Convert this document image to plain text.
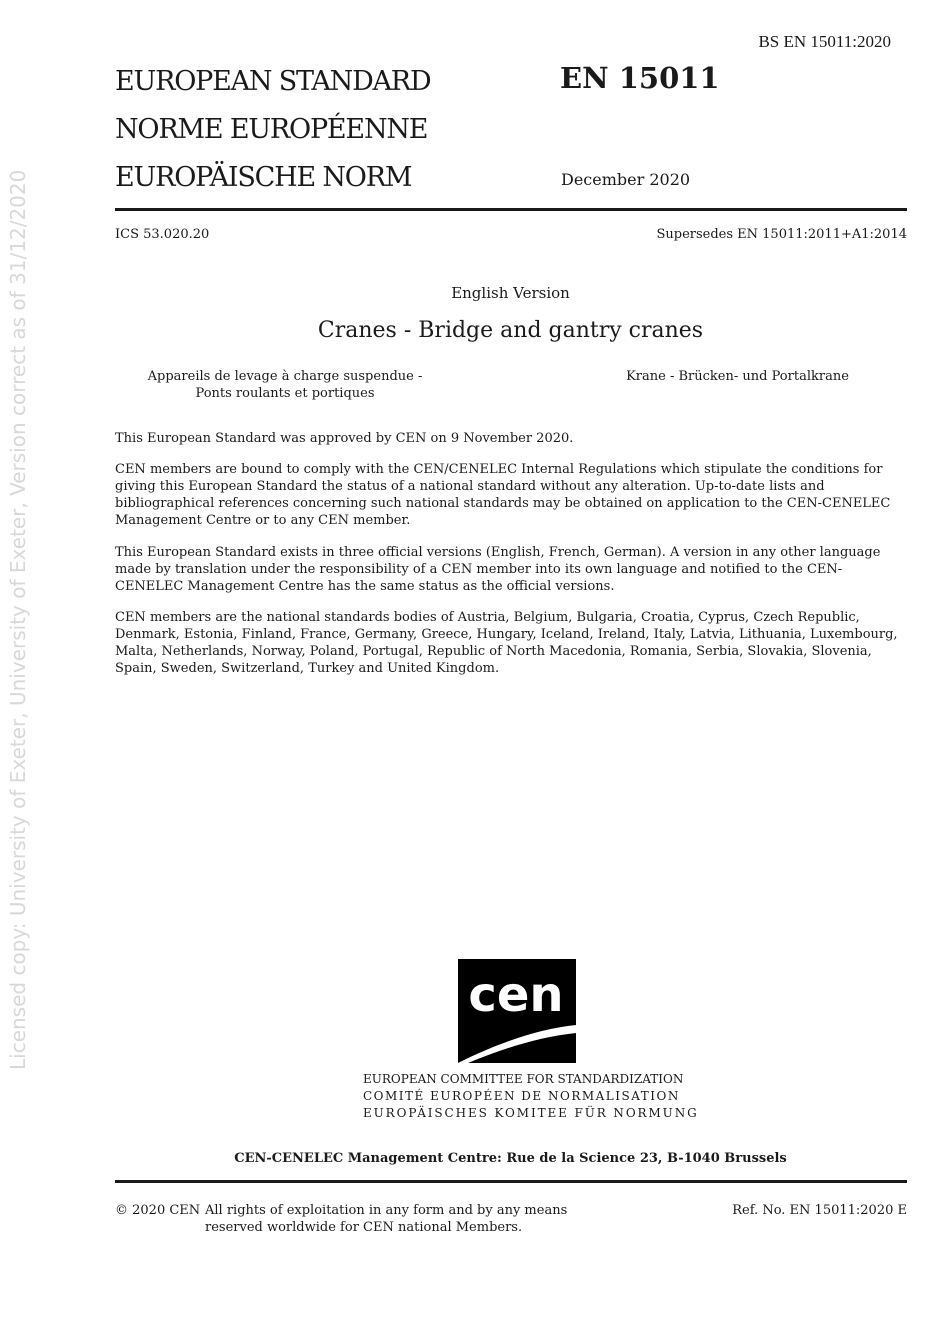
BS EN 15011:2020
EUROPEAN STANDARD
NORME EUROPÉENNE
EUROPÄISCHE NORM
EN 15011
December 2020
ICS 53.020.20	Supersedes EN 15011:2011+A1:2014
English Version
Cranes - Bridge and gantry cranes
Appareils de levage à charge suspendue - Ponts roulants et portiques
Krane - Brücken- und Portalkrane
This European Standard was approved by CEN on 9 November 2020.
CEN members are bound to comply with the CEN/CENELEC Internal Regulations which stipulate the conditions for giving this European Standard the status of a national standard without any alteration. Up-to-date lists and bibliographical references concerning such national standards may be obtained on application to the CEN-CENELEC Management Centre or to any CEN member.
This European Standard exists in three official versions (English, French, German). A version in any other language made by translation under the responsibility of a CEN member into its own language and notified to the CEN-CENELEC Management Centre has the same status as the official versions.
CEN members are the national standards bodies of Austria, Belgium, Bulgaria, Croatia, Cyprus, Czech Republic, Denmark, Estonia, Finland, France, Germany, Greece, Hungary, Iceland, Ireland, Italy, Latvia, Lithuania, Luxembourg, Malta, Netherlands, Norway, Poland, Portugal, Republic of North Macedonia, Romania, Serbia, Slovakia, Slovenia, Spain, Sweden, Switzerland, Turkey and United Kingdom.
Licensed copy: University of Exeter, University of Exeter, Version correct as of 31/12/2020	cen
EUROPEAN COMMITTEE FOR STANDARDIZATION
COMITÉ EUROPÉEN DE NORMALISATION
EUROPÄISCHES KOMITEE FÜR NORMUNG
CEN-CENELEC Management Centre: Rue de la Science 23, B-1040 Brussels
© 2020 CEN All rights of exploitation in any form and by any means reserved worldwide for CEN national Members.
Ref. No. EN 15011:2020 E
